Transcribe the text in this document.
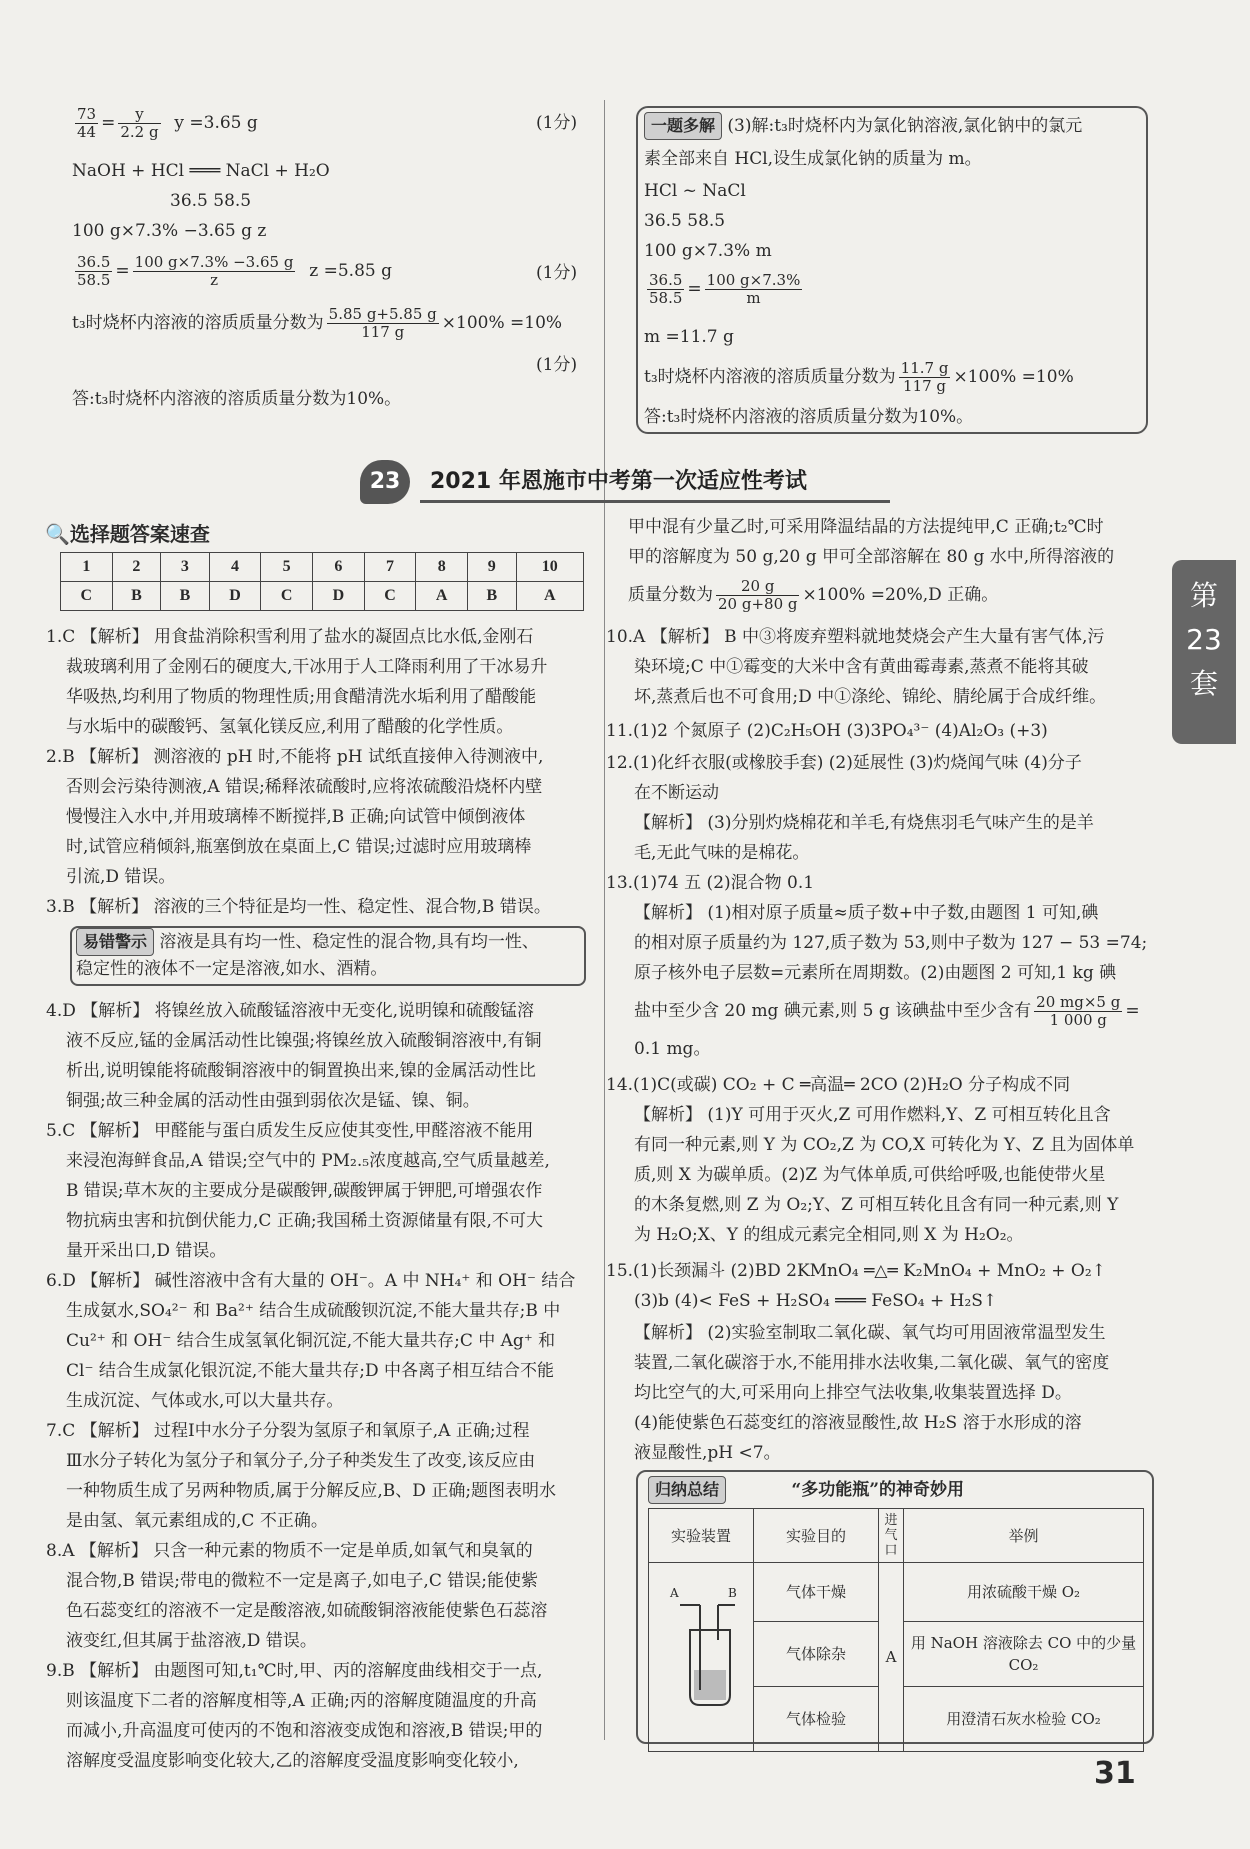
$\frac{73}{44} = \frac{y}{2.2 g}$ y =3.65 g	(1分)
NaOH + HCl ═══ NaCl + H₂O
36.5 58.5
100 g×7.3% −3.65 g z
$\frac{36.5}{58.5} = \frac{100 g\times 7.3\% -3.65 g}{z}$ z =5.85 g	(1分)
t₃时烧杯内溶液的溶质质量分数为 $\frac{5.85 g+5.85 g}{117 g} \times 100\% =10\%$
(1分)
答:t₃时烧杯内溶液的溶质质量分数为10%。
一题多解 (3)解:t₃时烧杯内为氯化钠溶液,氯化钠中的氯元
素全部来自 HCl,设生成氯化钠的质量为 m。
HCl ~ NaCl
36.5 58.5
100 g×7.3% m
$\frac{36.5}{58.5} = \frac{100 g\times 7.3\%}{m}$
m =11.7 g
t₃时烧杯内溶液的溶质质量分数为 $\frac{11.7 g}{117 g} \times 100\% =10\%$
答:t₃时烧杯内溶液的溶质质量分数为10%。
23	2021 年恩施市中考第一次适应性考试
第
23
套
🔍选择题答案速查
1	2	3	4	5	6	7	8	9	10
C	B	B	D	C	D	C	A	B	A
1.C 【解析】 用食盐消除积雪利用了盐水的凝固点比水低,金刚石
裁玻璃利用了金刚石的硬度大,干冰用于人工降雨利用了干冰易升
华吸热,均利用了物质的物理性质;用食醋清洗水垢利用了醋酸能
与水垢中的碳酸钙、氢氧化镁反应,利用了醋酸的化学性质。
2.B 【解析】 测溶液的 pH 时,不能将 pH 试纸直接伸入待测液中,
否则会污染待测液,A 错误;稀释浓硫酸时,应将浓硫酸沿烧杯内壁
慢慢注入水中,并用玻璃棒不断搅拌,B 正确;向试管中倾倒液体
时,试管应稍倾斜,瓶塞倒放在桌面上,C 错误;过滤时应用玻璃棒
引流,D 错误。
3.B 【解析】 溶液的三个特征是均一性、稳定性、混合物,B 错误。
易错警示 溶液是具有均一性、稳定性的混合物,具有均一性、
稳定性的液体不一定是溶液,如水、酒精。
4.D 【解析】 将镍丝放入硫酸锰溶液中无变化,说明镍和硫酸锰溶
液不反应,锰的金属活动性比镍强;将镍丝放入硫酸铜溶液中,有铜
析出,说明镍能将硫酸铜溶液中的铜置换出来,镍的金属活动性比
铜强;故三种金属的活动性由强到弱依次是锰、镍、铜。
5.C 【解析】 甲醛能与蛋白质发生反应使其变性,甲醛溶液不能用
来浸泡海鲜食品,A 错误;空气中的 PM₂.₅浓度越高,空气质量越差,
B 错误;草木灰的主要成分是碳酸钾,碳酸钾属于钾肥,可增强农作
物抗病虫害和抗倒伏能力,C 正确;我国稀土资源储量有限,不可大
量开采出口,D 错误。
6.D 【解析】 碱性溶液中含有大量的 OH⁻。A 中 NH₄⁺ 和 OH⁻ 结合
生成氨水,SO₄²⁻ 和 Ba²⁺ 结合生成硫酸钡沉淀,不能大量共存;B 中
Cu²⁺ 和 OH⁻ 结合生成氢氧化铜沉淀,不能大量共存;C 中 Ag⁺ 和
Cl⁻ 结合生成氯化银沉淀,不能大量共存;D 中各离子相互结合不能
生成沉淀、气体或水,可以大量共存。
7.C 【解析】 过程Ⅰ中水分子分裂为氢原子和氧原子,A 正确;过程
Ⅲ水分子转化为氢分子和氧分子,分子种类发生了改变,该反应由
一种物质生成了另两种物质,属于分解反应,B、D 正确;题图表明水
是由氢、氧元素组成的,C 不正确。
8.A 【解析】 只含一种元素的物质不一定是单质,如氧气和臭氧的
混合物,B 错误;带电的微粒不一定是离子,如电子,C 错误;能使紫
色石蕊变红的溶液不一定是酸溶液,如硫酸铜溶液能使紫色石蕊溶
液变红,但其属于盐溶液,D 错误。
9.B 【解析】 由题图可知,t₁℃时,甲、丙的溶解度曲线相交于一点,
则该温度下二者的溶解度相等,A 正确;丙的溶解度随温度的升高
而减小,升高温度可使丙的不饱和溶液变成饱和溶液,B 错误;甲的
溶解度受温度影响变化较大,乙的溶解度受温度影响变化较小,
甲中混有少量乙时,可采用降温结晶的方法提纯甲,C 正确;t₂℃时
甲的溶解度为 50 g,20 g 甲可全部溶解在 80 g 水中,所得溶液的
质量分数为 $\frac{20 g}{20 g+80 g} \times 100\% =20\%,D$ 正确。
10.A 【解析】 B 中③将废弃塑料就地焚烧会产生大量有害气体,污
染环境;C 中①霉变的大米中含有黄曲霉毒素,蒸煮不能将其破
坏,蒸煮后也不可食用;D 中①涤纶、锦纶、腈纶属于合成纤维。
11.(1)2 个氮原子 (2)C₂H₅OH (3)3PO₄³⁻ (4)Al₂O₃ (+3)
12.(1)化纤衣服(或橡胶手套) (2)延展性 (3)灼烧闻气味 (4)分子
在不断运动
【解析】 (3)分别灼烧棉花和羊毛,有烧焦羽毛气味产生的是羊
毛,无此气味的是棉花。
13.(1)74 五 (2)混合物 0.1
【解析】 (1)相对原子质量≈质子数+中子数,由题图 1 可知,碘
的相对原子质量约为 127,质子数为 53,则中子数为 127 − 53 =74;
原子核外电子层数=元素所在周期数。(2)由题图 2 可知,1 kg 碘
盐中至少含 20 mg 碘元素,则 5 g 该碘盐中至少含有 $\frac{20 mg\times 5 g}{1 000 g}$ =
0.1 mg。
14.(1)C(或碳) CO₂ + C ═高温═ 2CO (2)H₂O 分子构成不同
【解析】 (1)Y 可用于灭火,Z 可用作燃料,Y、Z 可相互转化且含
有同一种元素,则 Y 为 CO₂,Z 为 CO,X 可转化为 Y、Z 且为固体单
质,则 X 为碳单质。(2)Z 为气体单质,可供给呼吸,也能使带火星
的木条复燃,则 Z 为 O₂;Y、Z 可相互转化且含有同一种元素,则 Y
为 H₂O;X、Y 的组成元素完全相同,则 X 为 H₂O₂。
15.(1)长颈漏斗 (2)BD 2KMnO₄ ═△═ K₂MnO₄ + MnO₂ + O₂↑
(3)b (4)< FeS + H₂SO₄ ═══ FeSO₄ + H₂S↑
【解析】 (2)实验室制取二氧化碳、氧气均可用固液常温型发生
装置,二氧化碳溶于水,不能用排水法收集,二氧化碳、氧气的密度
均比空气的大,可采用向上排空气法收集,收集装置选择 D。
(4)能使紫色石蕊变红的溶液显酸性,故 H₂S 溶于水形成的溶
液显酸性,pH <7。
归纳总结	“多功能瓶”的神奇妙用
实验装置	实验目的	进气口	举例
	气体干燥	A	用浓硫酸干燥 O₂
	气体除杂		用 NaOH 溶液除去 CO 中的少量 CO₂
	气体检验		用澄清石灰水检验 CO₂
A	B
31
